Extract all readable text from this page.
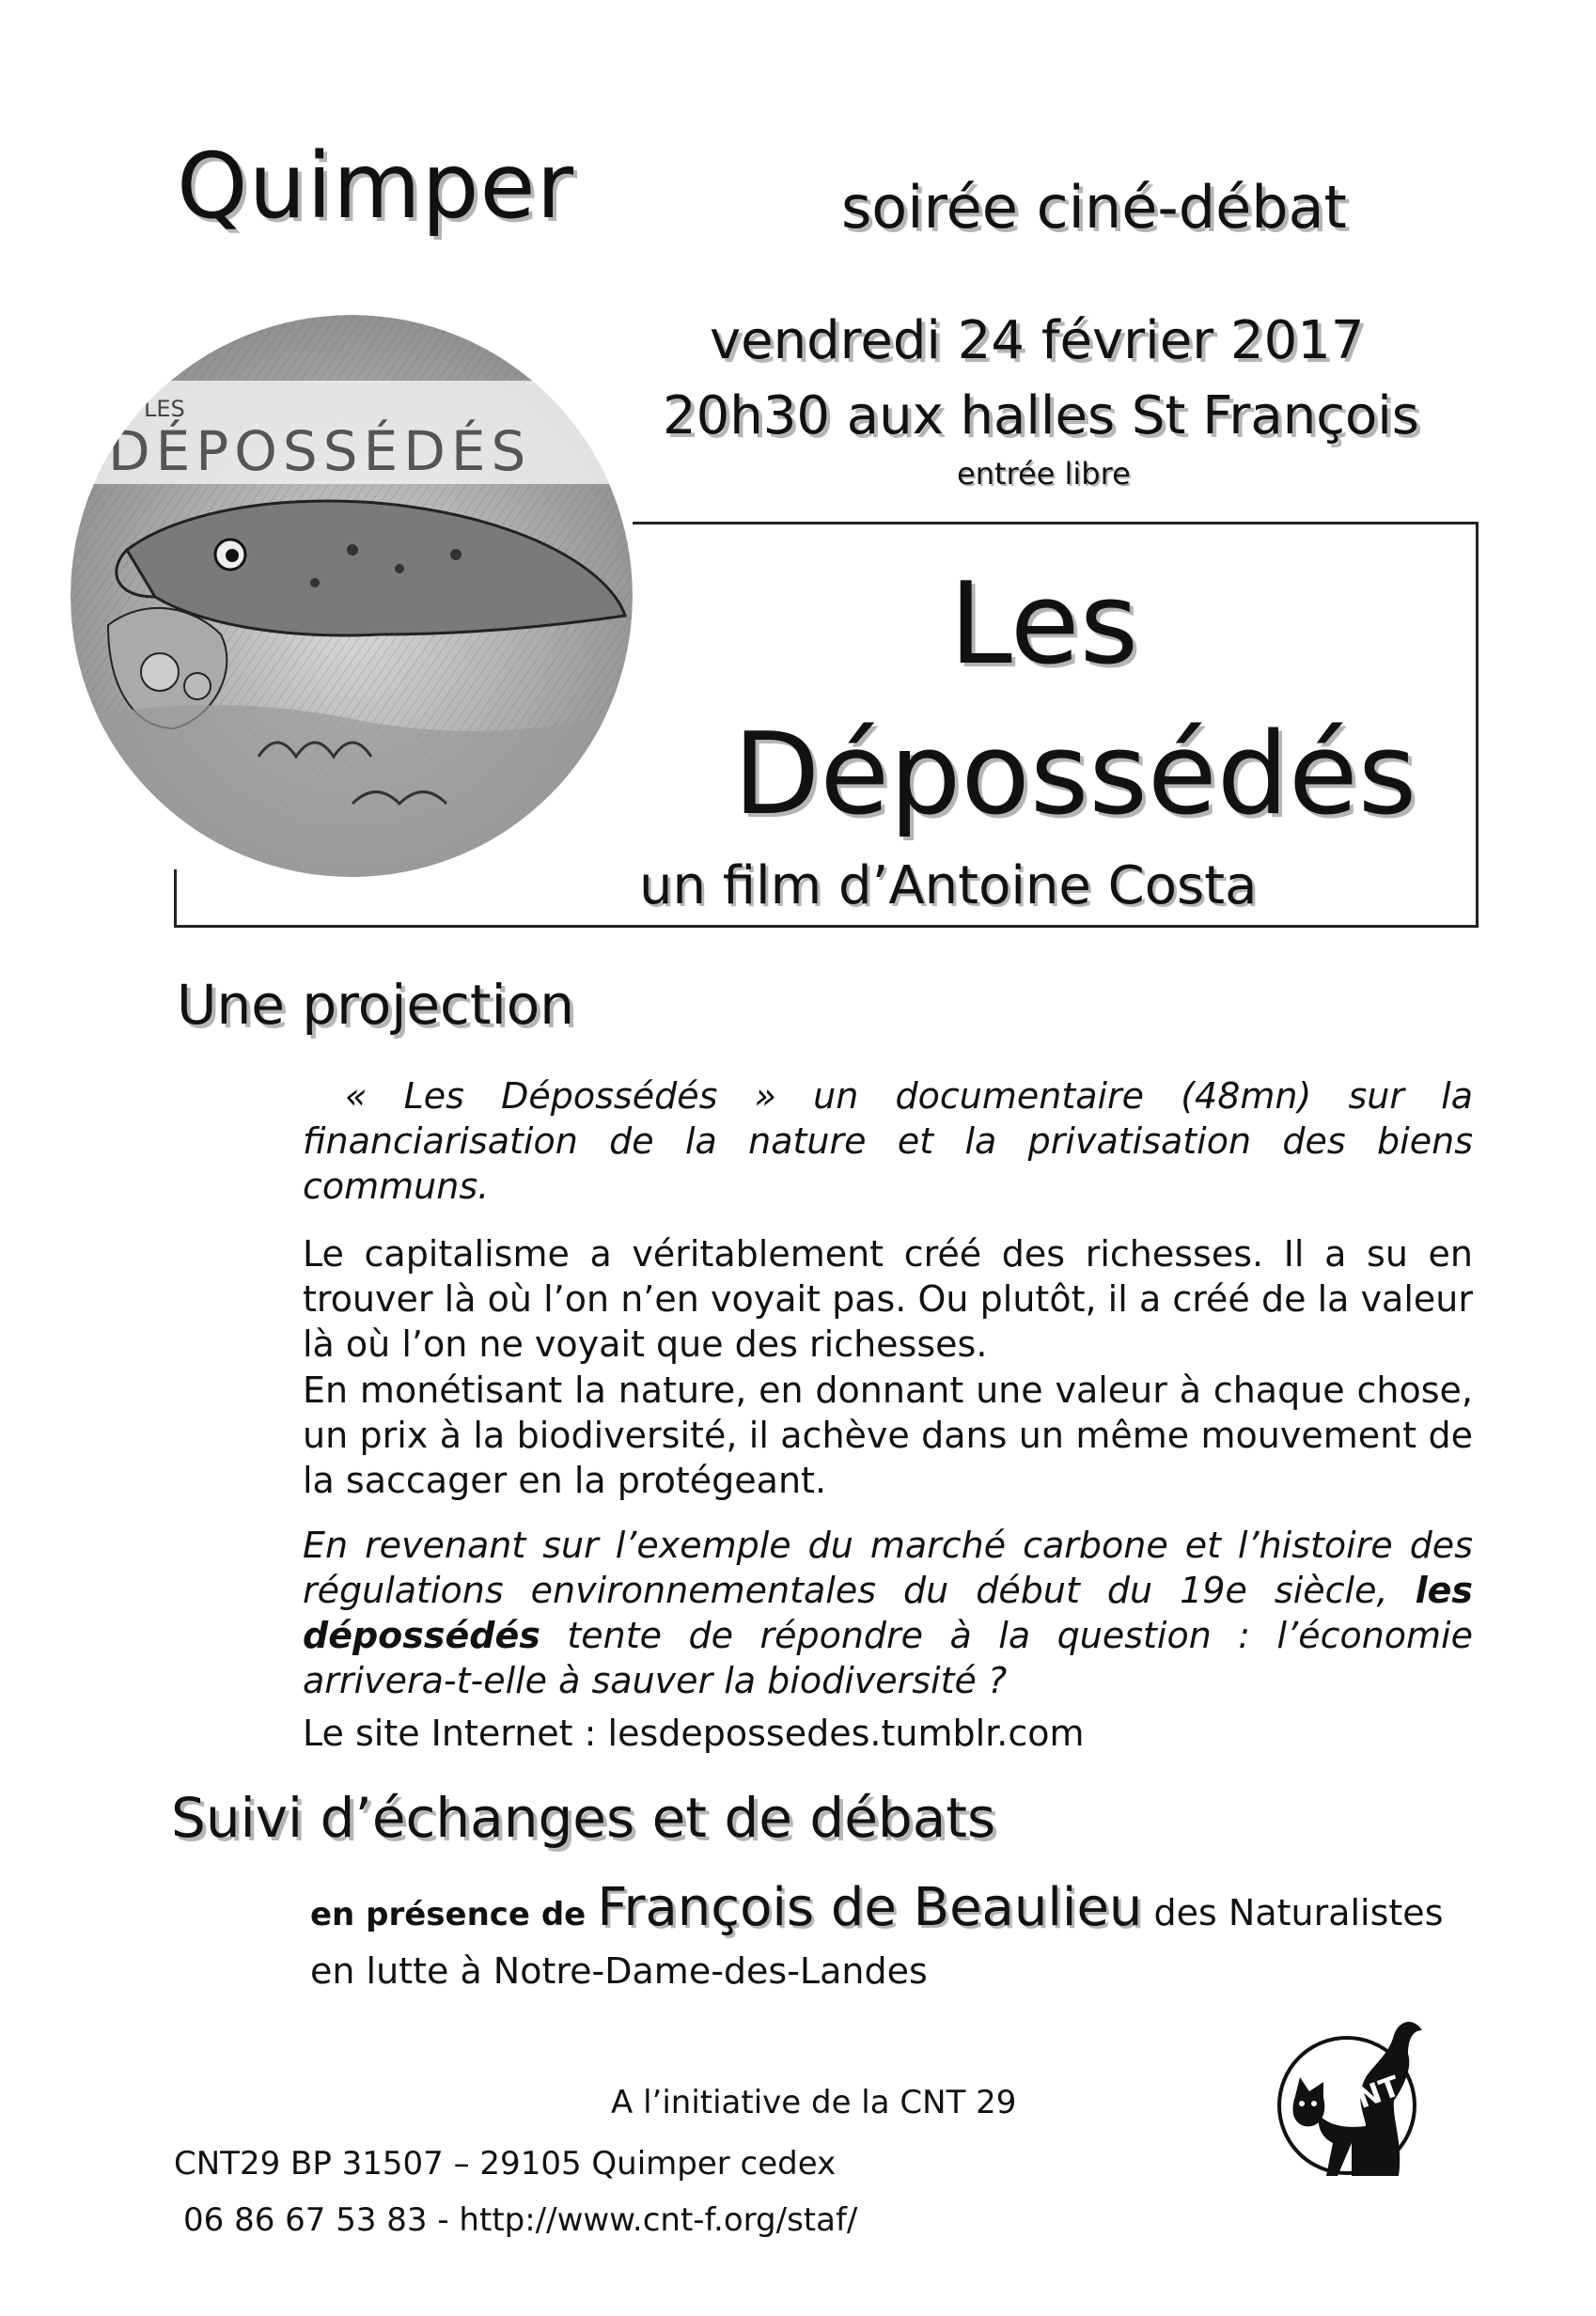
Quimper	soirée ciné-débat
vendredi 24 février 2017
20h30 aux halles St François
entrée libre
LES
DÉPOSSÉDÉS
Les
Dépossédés
un film d’Antoine Costa
Une projection

« Les Dépossédés » un documentaire (48mn) sur la financiarisation de la nature et la privatisation des biens communs.

Le capitalisme a véritablement créé des richesses. Il a su en trouver là où l’on n’en voyait pas. Ou plutôt, il a créé de la valeur là où l’on ne voyait que des richesses.

En monétisant la nature, en donnant une valeur à chaque chose, un prix à la biodiversité, il achève dans un même mouvement de la saccager en la protégeant.

En revenant sur l’exemple du marché carbone et l’histoire des régulations environnementales du début du 19e siècle, les dépossédés tente de répondre à la question : l’économie arrivera-t-elle à sauver la biodiversité ?

Le site Internet : lesdepossedes.tumblr.com
Suivi d’échanges et de débats
en présence de François de Beaulieu des Naturalistes en lutte à Notre-Dame-des-Landes
A l’initiative de la CNT 29
CNT29 BP 31507 – 29105 Quimper cedex
06 86 67 53 83 - http://www.cnt-f.org/staf/
CNT
